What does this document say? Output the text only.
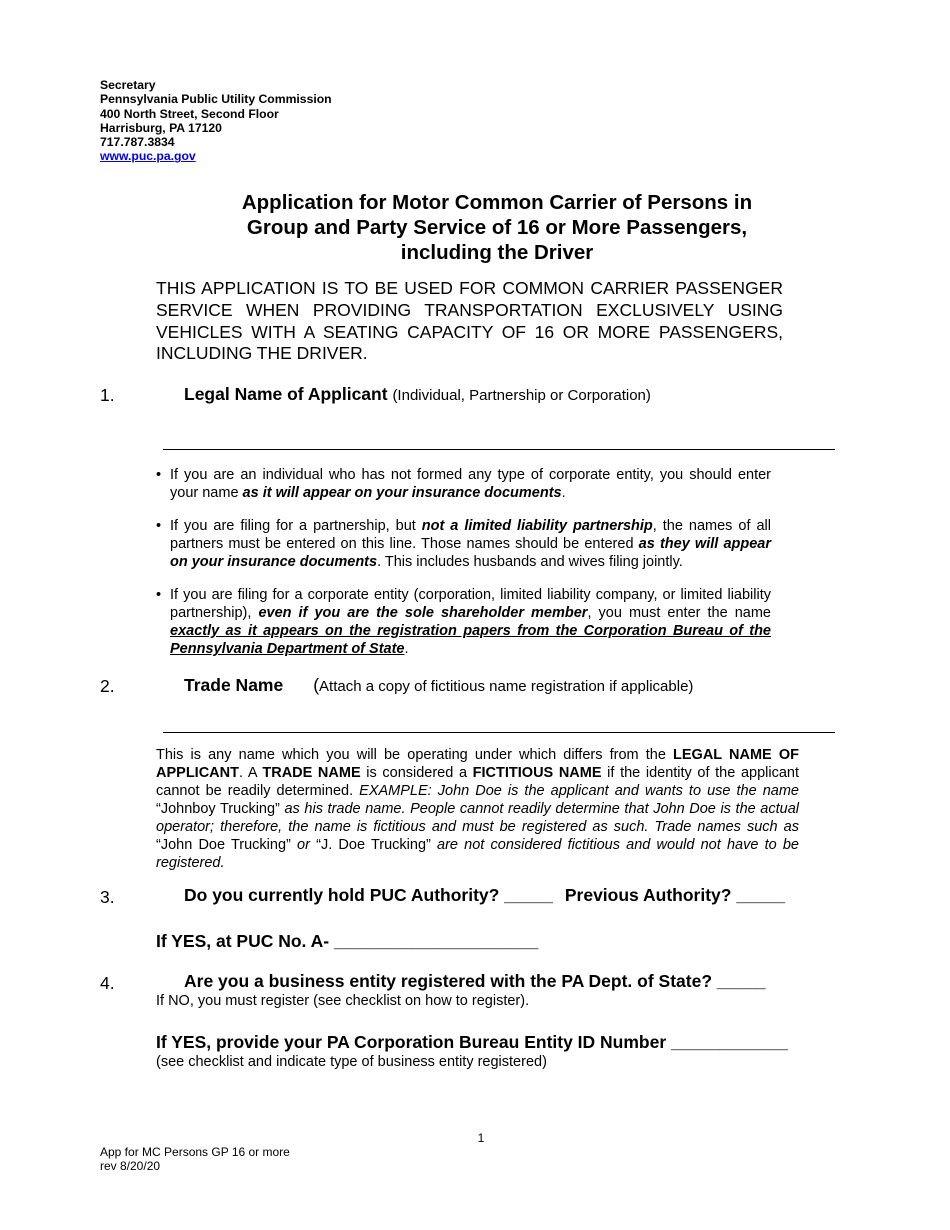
Secretary
Pennsylvania Public Utility Commission
400 North Street, Second Floor
Harrisburg, PA 17120
717.787.3834
www.puc.pa.gov
Application for Motor Common Carrier of Persons in
Group and Party Service of 16 or More Passengers,
including the Driver
THIS APPLICATION IS TO BE USED FOR COMMON CARRIER PASSENGER SERVICE WHEN PROVIDING TRANSPORTATION EXCLUSIVELY USING VEHICLES WITH A SEATING CAPACITY OF 16 OR MORE PASSENGERS, INCLUDING THE DRIVER.
1.	Legal Name of Applicant (Individual, Partnership or Corporation)
• If you are an individual who has not formed any type of corporate entity, you should enter your name as it will appear on your insurance documents.
• If you are filing for a partnership, but not a limited liability partnership, the names of all partners must be entered on this line. Those names should be entered as they will appear on your insurance documents. This includes husbands and wives filing jointly.
• If you are filing for a corporate entity (corporation, limited liability company, or limited liability partnership), even if you are the sole shareholder member, you must enter the name exactly as it appears on the registration papers from the Corporation Bureau of the Pennsylvania Department of State.
2.	Trade Name (Attach a copy of fictitious name registration if applicable)
This is any name which you will be operating under which differs from the LEGAL NAME OF APPLICANT. A TRADE NAME is considered a FICTITIOUS NAME if the identity of the applicant cannot be readily determined. EXAMPLE: John Doe is the applicant and wants to use the name “Johnboy Trucking” as his trade name. People cannot readily determine that John Doe is the actual operator; therefore, the name is fictitious and must be registered as such. Trade names such as “John Doe Trucking” or “J. Doe Trucking” are not considered fictitious and would not have to be registered.
3.	Do you currently hold PUC Authority? _____ Previous Authority? _____
If YES, at PUC No. A- _____________________
4.	Are you a business entity registered with the PA Dept. of State? _____
If NO, you must register (see checklist on how to register).
If YES, provide your PA Corporation Bureau Entity ID Number ____________
(see checklist and indicate type of business entity registered)
1
App for MC Persons GP 16 or more
rev 8/20/20
